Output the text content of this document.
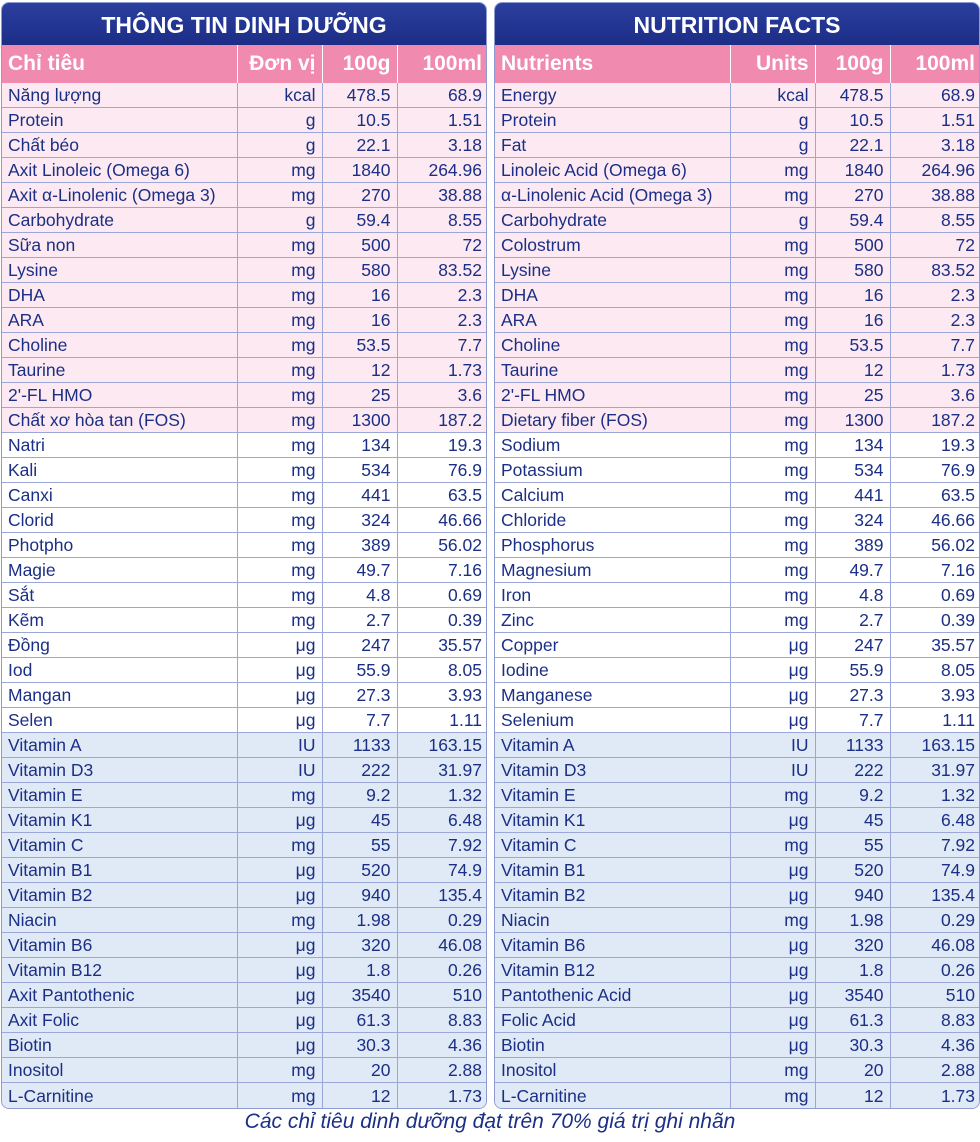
THÔNG TIN DINH DƯỠNG
Chỉ tiêu	Đơn vị	100g	100ml
Năng lượng	kcal	478.5	68.9
Protein	g	10.5	1.51
Chất béo	g	22.1	3.18
Axit Linoleic (Omega 6)	mg	1840	264.96
Axit α-Linolenic (Omega 3)	mg	270	38.88
Carbohydrate	g	59.4	8.55
Sữa non	mg	500	72
Lysine	mg	580	83.52
DHA	mg	16	2.3
ARA	mg	16	2.3
Choline	mg	53.5	7.7
Taurine	mg	12	1.73
2'-FL HMO	mg	25	3.6
Chất xơ hòa tan (FOS)	mg	1300	187.2
Natri	mg	134	19.3
Kali	mg	534	76.9
Canxi	mg	441	63.5
Clorid	mg	324	46.66
Photpho	mg	389	56.02
Magie	mg	49.7	7.16
Sắt	mg	4.8	0.69
Kẽm	mg	2.7	0.39
Đồng	μg	247	35.57
Iod	μg	55.9	8.05
Mangan	μg	27.3	3.93
Selen	μg	7.7	1.11
Vitamin A	IU	1133	163.15
Vitamin D3	IU	222	31.97
Vitamin E	mg	9.2	1.32
Vitamin K1	μg	45	6.48
Vitamin C	mg	55	7.92
Vitamin B1	μg	520	74.9
Vitamin B2	μg	940	135.4
Niacin	mg	1.98	0.29
Vitamin B6	μg	320	46.08
Vitamin B12	μg	1.8	0.26
Axit Pantothenic	μg	3540	510
Axit Folic	μg	61.3	8.83
Biotin	μg	30.3	4.36
Inositol	mg	20	2.88
L-Carnitine	mg	12	1.73
NUTRITION FACTS
Nutrients	Units	100g	100ml
Energy	kcal	478.5	68.9
Protein	g	10.5	1.51
Fat	g	22.1	3.18
Linoleic Acid (Omega 6)	mg	1840	264.96
α-Linolenic Acid (Omega 3)	mg	270	38.88
Carbohydrate	g	59.4	8.55
Colostrum	mg	500	72
Lysine	mg	580	83.52
DHA	mg	16	2.3
ARA	mg	16	2.3
Choline	mg	53.5	7.7
Taurine	mg	12	1.73
2'-FL HMO	mg	25	3.6
Dietary fiber (FOS)	mg	1300	187.2
Sodium	mg	134	19.3
Potassium	mg	534	76.9
Calcium	mg	441	63.5
Chloride	mg	324	46.66
Phosphorus	mg	389	56.02
Magnesium	mg	49.7	7.16
Iron	mg	4.8	0.69
Zinc	mg	2.7	0.39
Copper	μg	247	35.57
Iodine	μg	55.9	8.05
Manganese	μg	27.3	3.93
Selenium	μg	7.7	1.11
Vitamin A	IU	1133	163.15
Vitamin D3	IU	222	31.97
Vitamin E	mg	9.2	1.32
Vitamin K1	μg	45	6.48
Vitamin C	mg	55	7.92
Vitamin B1	μg	520	74.9
Vitamin B2	μg	940	135.4
Niacin	mg	1.98	0.29
Vitamin B6	μg	320	46.08
Vitamin B12	μg	1.8	0.26
Pantothenic Acid	μg	3540	510
Folic Acid	μg	61.3	8.83
Biotin	μg	30.3	4.36
Inositol	mg	20	2.88
L-Carnitine	mg	12	1.73
Các chỉ tiêu dinh dưỡng đạt trên 70% giá trị ghi nhãn
